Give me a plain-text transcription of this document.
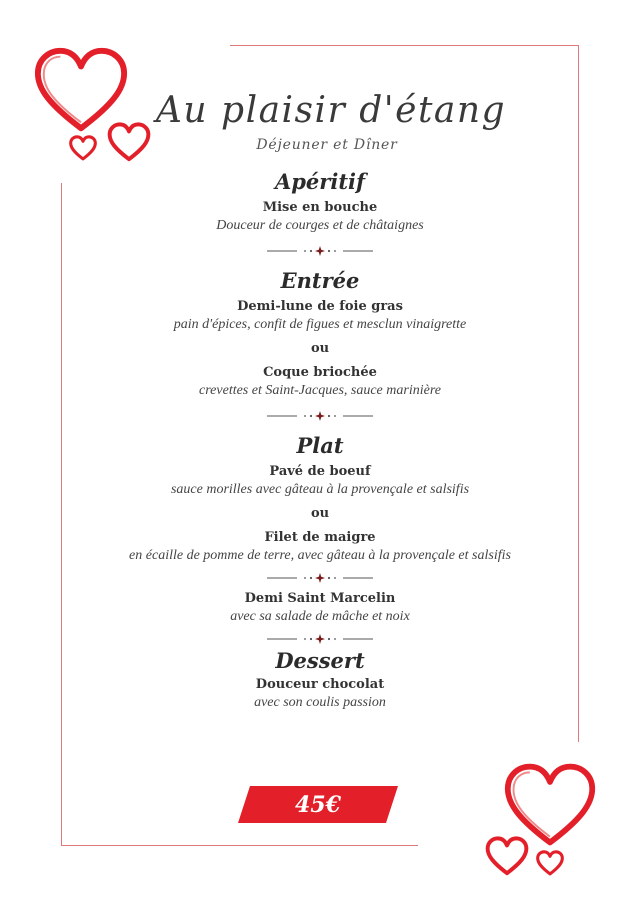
Au plaisir d'étang
Déjeuner et Dîner
Apéritif
Mise en bouche
Douceur de courges et de châtaignes
Entrée
Demi-lune de foie gras
pain d'épices, confit de figues et mesclun vinaigrette
ou
Coque briochée
crevettes et Saint-Jacques, sauce marinière
Plat
Pavé de boeuf
sauce morilles avec gâteau à la provençale et salsifis
ou
Filet de maigre
en écaille de pomme de terre, avec gâteau à la provençale et salsifis
Demi Saint Marcelin
avec sa salade de mâche et noix
Dessert
Douceur chocolat
avec son coulis passion
45€
